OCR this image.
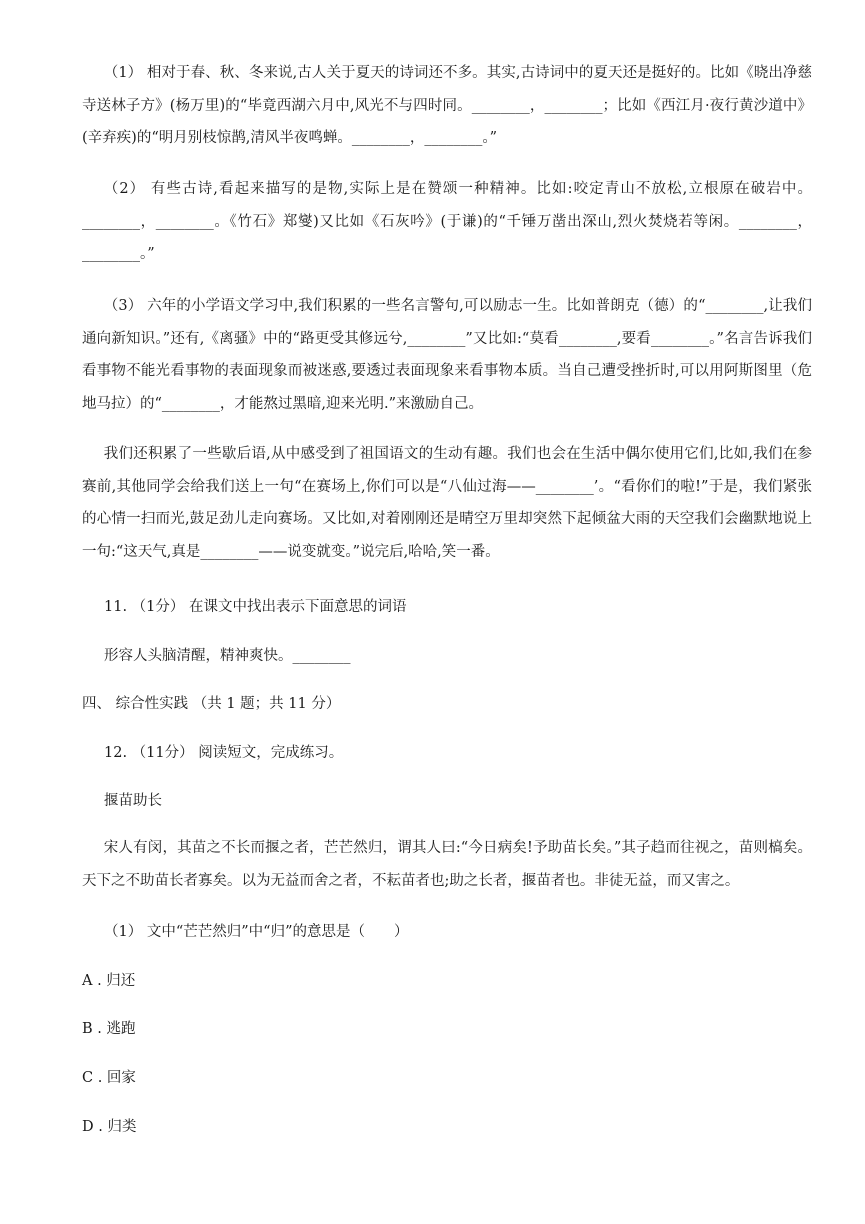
（1） 相对于春、秋、冬来说,古人关于夏天的诗词还不多。其实,古诗词中的夏天还是挺好的。比如《晓出净慈寺送林子方》(杨万里)的“毕竟西湖六月中,风光不与四时同。________，________；比如《西江月·夜行黄沙道中》(辛弃疾)的“明月别枝惊鹊,清风半夜鸣蝉。________，________。”

（2） 有些古诗,看起来描写的是物,实际上是在赞颂一种精神。比如:咬定青山不放松,立根原在破岩中。________，________。《竹石》郑燮)又比如《石灰吟》(于谦)的“千锤万凿出深山,烈火焚烧若等闲。________，________。”

（3） 六年的小学语文学习中,我们积累的一些名言警句,可以励志一生。比如普朗克（德）的“________,让我们通向新知识。”还有,《离骚》中的“路更受其修远兮,________”又比如:“莫看________,要看________。”名言告诉我们看事物不能光看事物的表面现象而被迷惑,要透过表面现象来看事物本质。当自己遭受挫折时,可以用阿斯图里（危地马拉）的“________，才能熬过黑暗,迎来光明.”来激励自己。

我们还积累了一些歇后语,从中感受到了祖国语文的生动有趣。我们也会在生活中偶尔使用它们,比如,我们在参赛前,其他同学会给我们送上一句“在赛场上,你们可以是“八仙过海——________’。“看你们的啦!”于是，我们紧张的心情一扫而光,鼓足劲儿走向赛场。又比如,对着刚刚还是晴空万里却突然下起倾盆大雨的天空我们会幽默地说上一句:“这天气,真是________——说变就变。”说完后,哈哈,笑一番。

11. （1分） 在课文中找出表示下面意思的词语

形容人头脑清醒，精神爽快。________

四、 综合性实践 （共 1 题；共 11 分）

12. （11分） 阅读短文，完成练习。

揠苗助长

宋人有闵，其苗之不长而揠之者，芒芒然归，谓其人曰:“今日病矣!予助苗长矣。”其子趋而往视之，苗则槁矣。 天下之不助苗长者寡矣。以为无益而舍之者，不耘苗者也;助之长者，揠苗者也。非徒无益，而又害之。

（1） 文中“芒芒然归”中“归”的意思是（　　）

A . 归还

B . 逃跑

C . 回家

D . 归类
